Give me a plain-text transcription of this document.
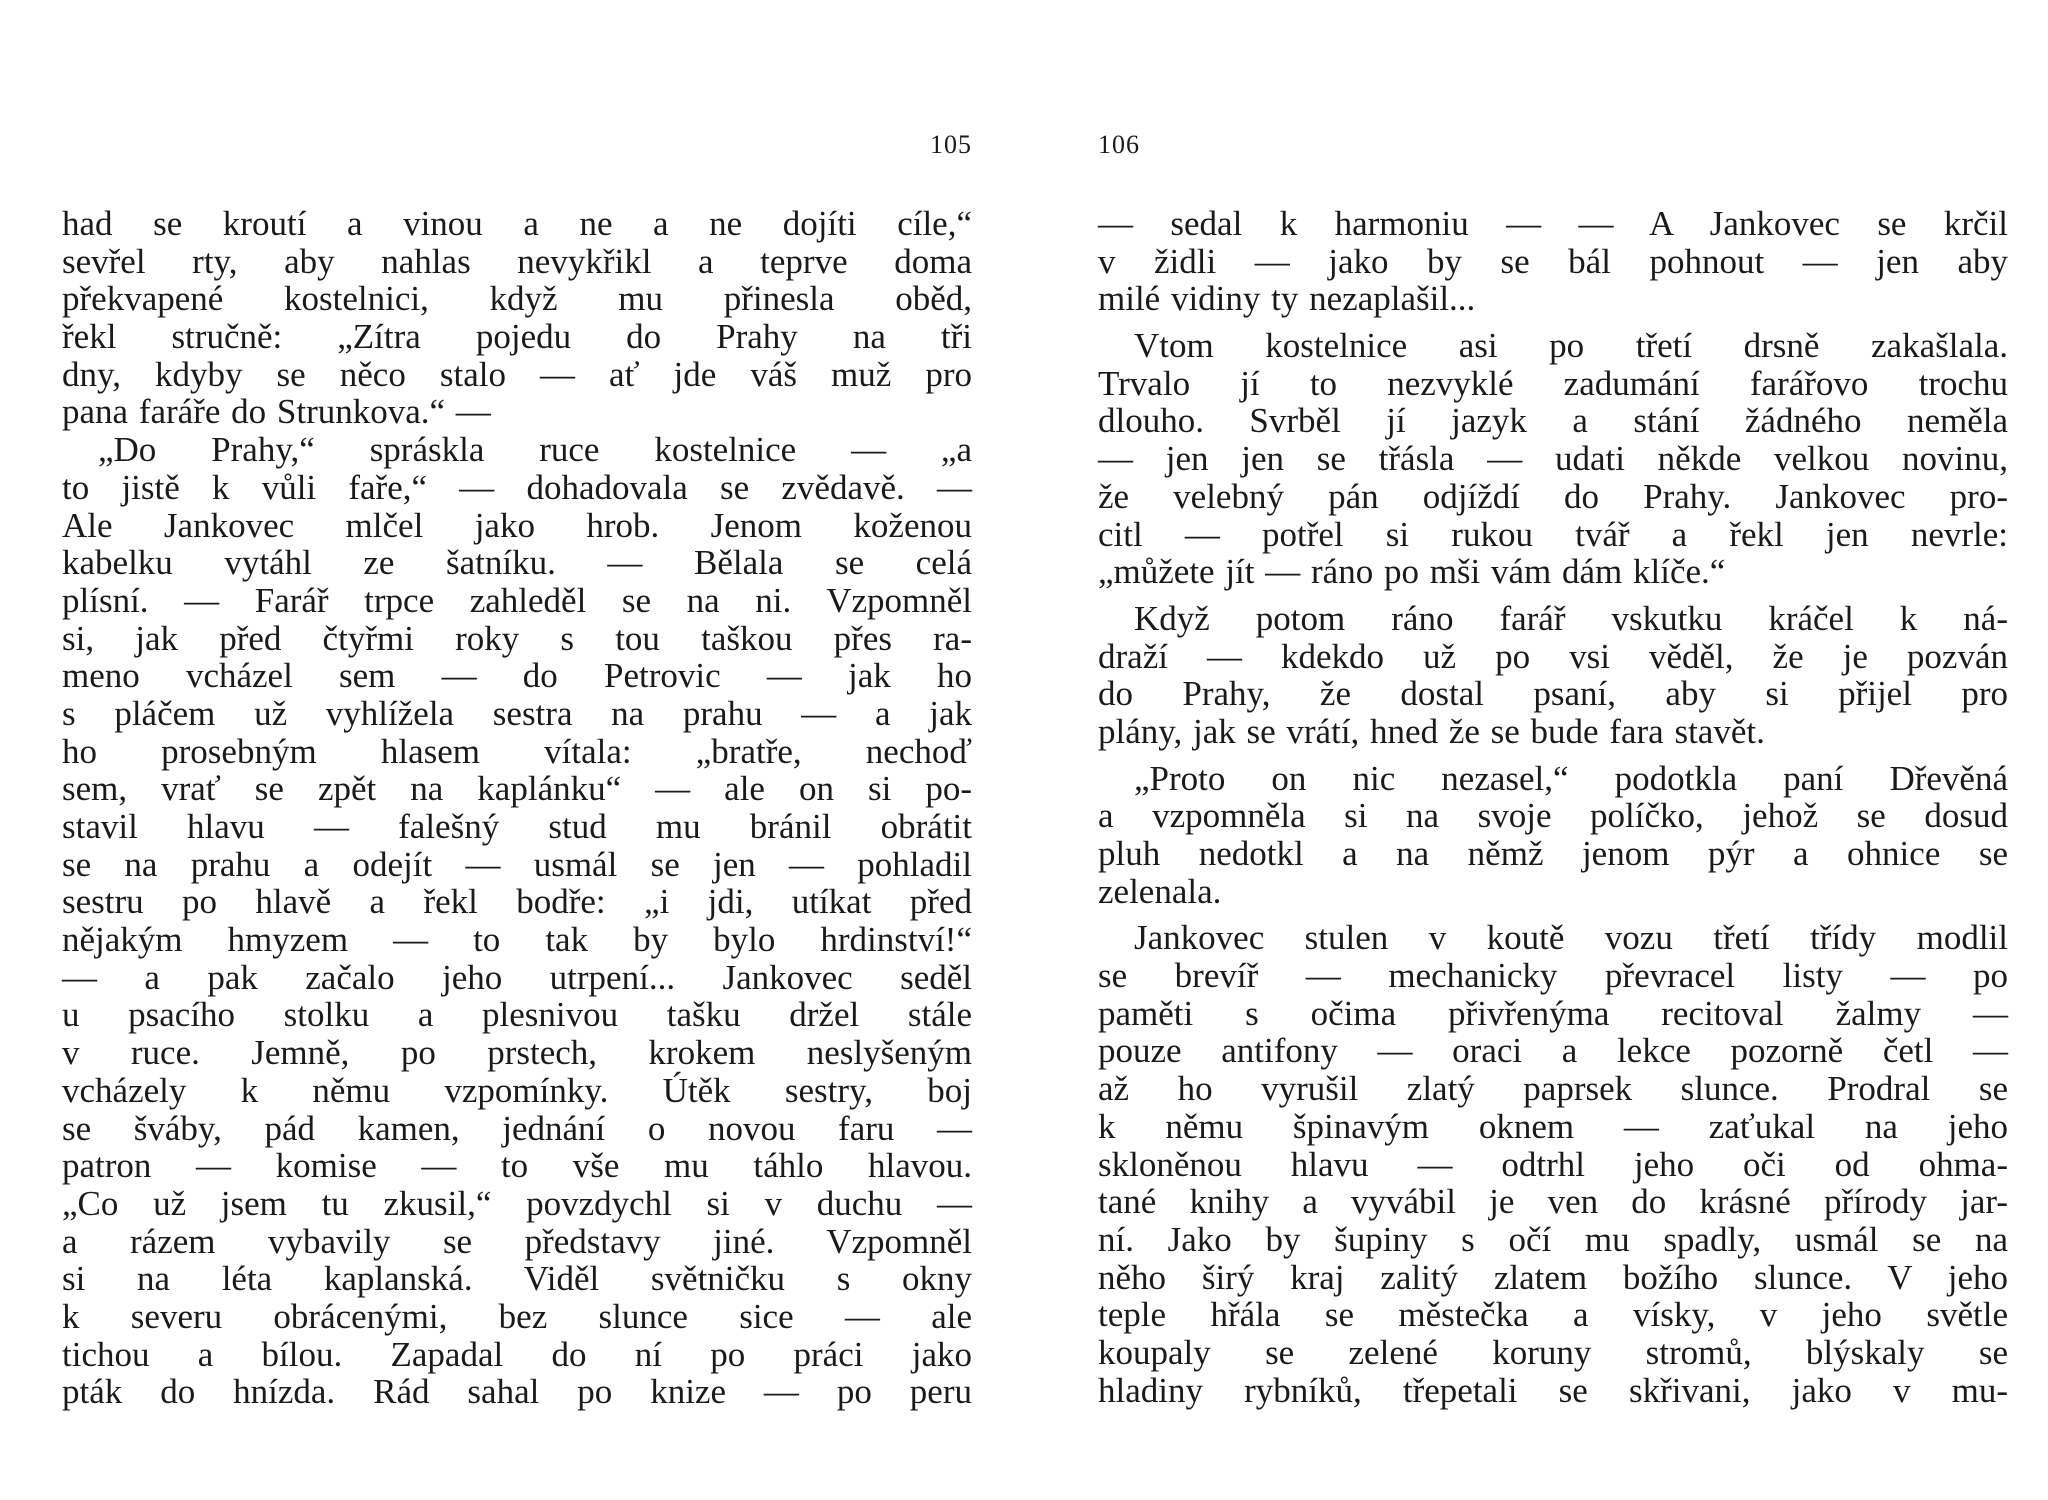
105
had se kroutí a vinou a ne a ne dojíti cíle,“
sevřel rty, aby nahlas nevykřikl a teprve doma
překvapené kostelnici, když mu přinesla oběd,
řekl stručně: „Zítra pojedu do Prahy na tři
dny, kdyby se něco stalo — ať jde váš muž pro
pana faráře do Strunkova.“ —
„Do Prahy,“ spráskla ruce kostelnice — „a
to jistě k vůli faře,“ — dohadovala se zvědavě. —
Ale Jankovec mlčel jako hrob. Jenom koženou
kabelku vytáhl ze šatníku. — Bělala se celá
plísní. — Farář trpce zahleděl se na ni. Vzpomněl
si, jak před čtyřmi roky s tou taškou přes ra-
meno vcházel sem — do Petrovic — jak ho
s pláčem už vyhlížela sestra na prahu — a jak
ho prosebným hlasem vítala: „bratře, nechoď
sem, vrať se zpět na kaplánku“ — ale on si po-
stavil hlavu — falešný stud mu bránil obrátit
se na prahu a odejít — usmál se jen — pohladil
sestru po hlavě a řekl bodře: „i jdi, utíkat před
nějakým hmyzem — to tak by bylo hrdinství!“
— a pak začalo jeho utrpení... Jankovec seděl
u psacího stolku a plesnivou tašku držel stále
v ruce. Jemně, po prstech, krokem neslyšeným
vcházely k němu vzpomínky. Útěk sestry, boj
se šváby, pád kamen, jednání o novou faru —
patron — komise — to vše mu táhlo hlavou.
„Co už jsem tu zkusil,“ povzdychl si v duchu —
a rázem vybavily se představy jiné. Vzpomněl
si na léta kaplanská. Viděl světničku s okny
k severu obrácenými, bez slunce sice — ale
tichou a bílou. Zapadal do ní po práci jako
pták do hnízda. Rád sahal po knize — po peru
106
— sedal k harmoniu — — A Jankovec se krčil
v židli — jako by se bál pohnout — jen aby
milé vidiny ty nezaplašil...
Vtom kostelnice asi po třetí drsně zakašlala.
Trvalo jí to nezvyklé zadumání farářovo trochu
dlouho. Svrběl jí jazyk a stání žádného neměla
— jen jen se třásla — udati někde velkou novinu,
že velebný pán odjíždí do Prahy. Jankovec pro-
citl — potřel si rukou tvář a řekl jen nevrle:
„můžete jít — ráno po mši vám dám klíče.“
Když potom ráno farář vskutku kráčel k ná-
draží — kdekdo už po vsi věděl, že je pozván
do Prahy, že dostal psaní, aby si přijel pro
plány, jak se vrátí, hned že se bude fara stavět.
„Proto on nic nezasel,“ podotkla paní Dřevěná
a vzpomněla si na svoje políčko, jehož se dosud
pluh nedotkl a na němž jenom pýr a ohnice se
zelenala.
Jankovec stulen v koutě vozu třetí třídy modlil
se brevíř — mechanicky převracel listy — po
paměti s očima přivřenýma recitoval žalmy —
pouze antifony — oraci a lekce pozorně četl —
až ho vyrušil zlatý paprsek slunce. Prodral se
k němu špinavým oknem — zaťukal na jeho
skloněnou hlavu — odtrhl jeho oči od ohma-
tané knihy a vyvábil je ven do krásné přírody jar-
ní. Jako by šupiny s očí mu spadly, usmál se na
něho širý kraj zalitý zlatem božího slunce. V jeho
teple hřála se městečka a vísky, v jeho světle
koupaly se zelené koruny stromů, blýskaly se
hladiny rybníků, třepetali se skřivani, jako v mu-
